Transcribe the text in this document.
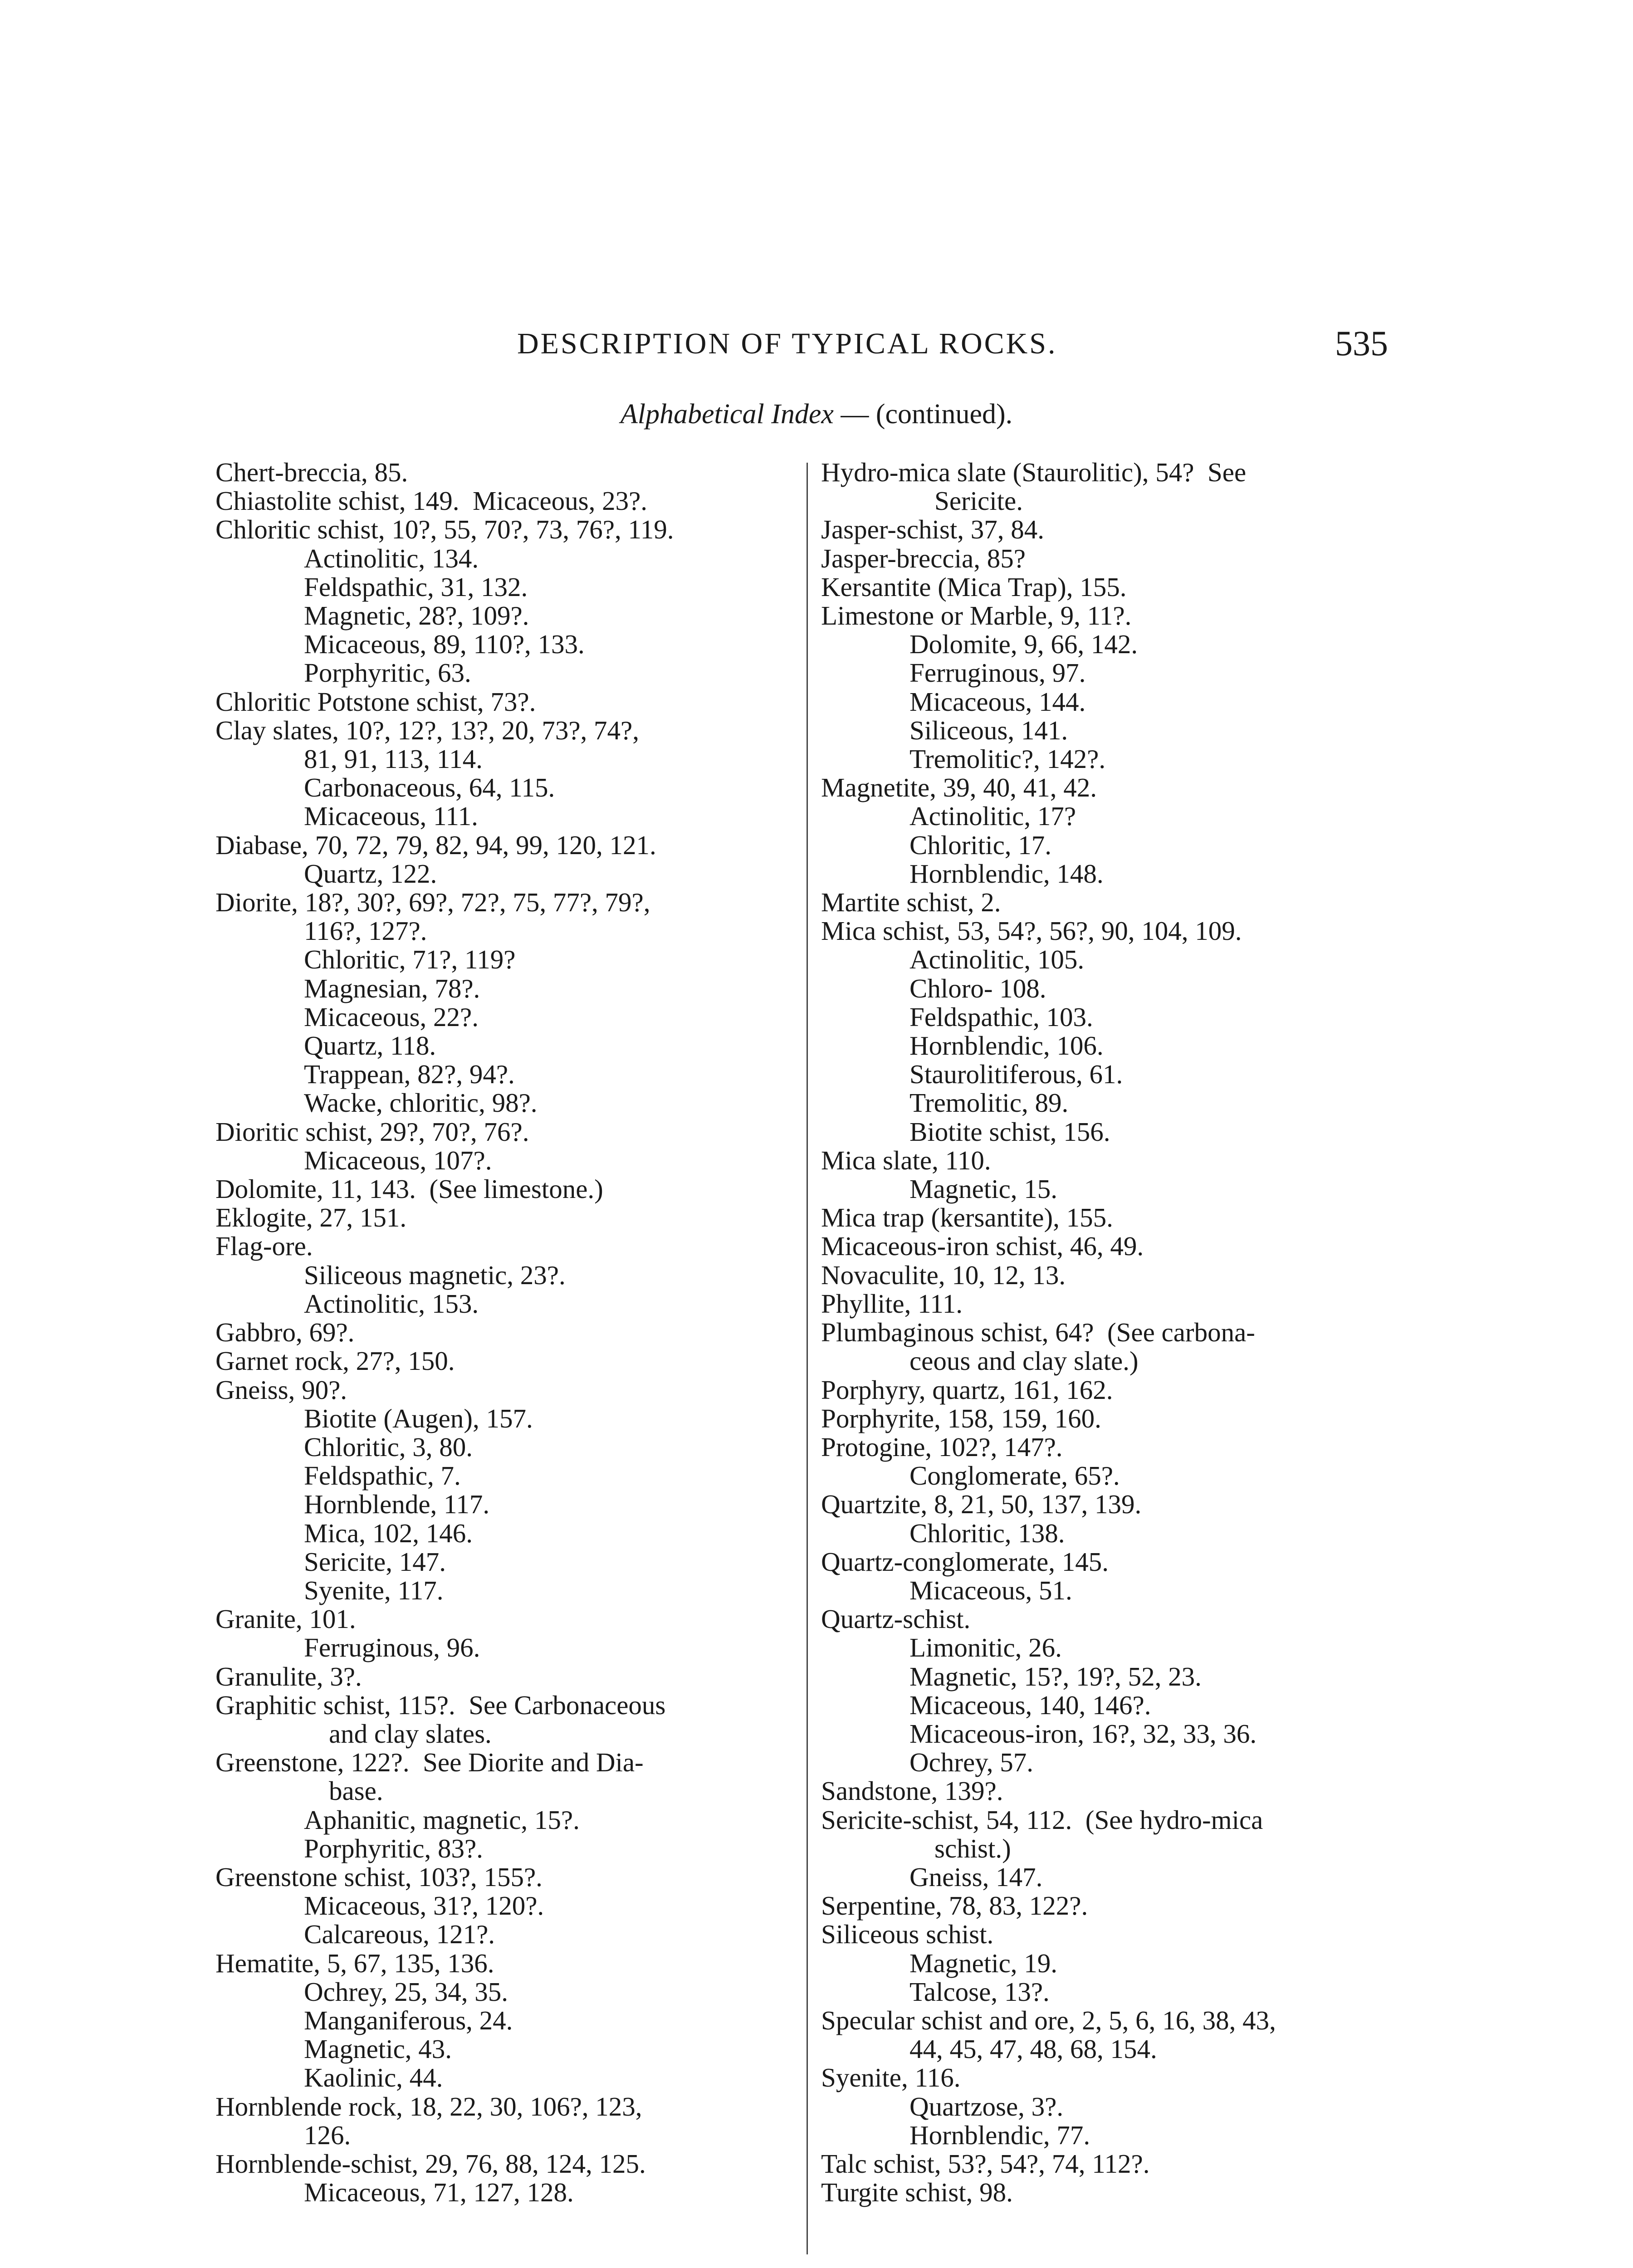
DESCRIPTION OF TYPICAL ROCKS.	535
Alphabetical Index — (continued).
Chert-breccia, 85.
Chiastolite schist, 149.  Micaceous, 23?.
Chloritic schist, 10?, 55, 70?, 73, 76?, 119.
Actinolitic, 134.
Feldspathic, 31, 132.
Magnetic, 28?, 109?.
Micaceous, 89, 110?, 133.
Porphyritic, 63.
Chloritic Potstone schist, 73?.
Clay slates, 10?, 12?, 13?, 20, 73?, 74?,
81, 91, 113, 114.
Carbonaceous, 64, 115.
Micaceous, 111.
Diabase, 70, 72, 79, 82, 94, 99, 120, 121.
Quartz, 122.
Diorite, 18?, 30?, 69?, 72?, 75, 77?, 79?,
116?, 127?.
Chloritic, 71?, 119?
Magnesian, 78?.
Micaceous, 22?.
Quartz, 118.
Trappean, 82?, 94?.
Wacke, chloritic, 98?.
Dioritic schist, 29?, 70?, 76?.
Micaceous, 107?.
Dolomite, 11, 143.  (See limestone.)
Eklogite, 27, 151.
Flag-ore.
Siliceous magnetic, 23?.
Actinolitic, 153.
Gabbro, 69?.
Garnet rock, 27?, 150.
Gneiss, 90?.
Biotite (Augen), 157.
Chloritic, 3, 80.
Feldspathic, 7.
Hornblende, 117.
Mica, 102, 146.
Sericite, 147.
Syenite, 117.
Granite, 101.
Ferruginous, 96.
Granulite, 3?.
Graphitic schist, 115?.  See Carbonaceous
and clay slates.
Greenstone, 122?.  See Diorite and Dia-
base.
Aphanitic, magnetic, 15?.
Porphyritic, 83?.
Greenstone schist, 103?, 155?.
Micaceous, 31?, 120?.
Calcareous, 121?.
Hematite, 5, 67, 135, 136.
Ochrey, 25, 34, 35.
Manganiferous, 24.
Magnetic, 43.
Kaolinic, 44.
Hornblende rock, 18, 22, 30, 106?, 123,
126.
Hornblende-schist, 29, 76, 88, 124, 125.
Micaceous, 71, 127, 128.
Hydro-mica slate (Staurolitic), 54?  See
Sericite.
Jasper-schist, 37, 84.
Jasper-breccia, 85?
Kersantite (Mica Trap), 155.
Limestone or Marble, 9, 11?.
Dolomite, 9, 66, 142.
Ferruginous, 97.
Micaceous, 144.
Siliceous, 141.
Tremolitic?, 142?.
Magnetite, 39, 40, 41, 42.
Actinolitic, 17?
Chloritic, 17.
Hornblendic, 148.
Martite schist, 2.
Mica schist, 53, 54?, 56?, 90, 104, 109.
Actinolitic, 105.
Chloro- 108.
Feldspathic, 103.
Hornblendic, 106.
Staurolitiferous, 61.
Tremolitic, 89.
Biotite schist, 156.
Mica slate, 110.
Magnetic, 15.
Mica trap (kersantite), 155.
Micaceous-iron schist, 46, 49.
Novaculite, 10, 12, 13.
Phyllite, 111.
Plumbaginous schist, 64?  (See carbona-
ceous and clay slate.)
Porphyry, quartz, 161, 162.
Porphyrite, 158, 159, 160.
Protogine, 102?, 147?.
Conglomerate, 65?.
Quartzite, 8, 21, 50, 137, 139.
Chloritic, 138.
Quartz-conglomerate, 145.
Micaceous, 51.
Quartz-schist.
Limonitic, 26.
Magnetic, 15?, 19?, 52, 23.
Micaceous, 140, 146?.
Micaceous-iron, 16?, 32, 33, 36.
Ochrey, 57.
Sandstone, 139?.
Sericite-schist, 54, 112.  (See hydro-mica
schist.)
Gneiss, 147.
Serpentine, 78, 83, 122?.
Siliceous schist.
Magnetic, 19.
Talcose, 13?.
Specular schist and ore, 2, 5, 6, 16, 38, 43,
44, 45, 47, 48, 68, 154.
Syenite, 116.
Quartzose, 3?.
Hornblendic, 77.
Talc schist, 53?, 54?, 74, 112?.
Turgite schist, 98.
